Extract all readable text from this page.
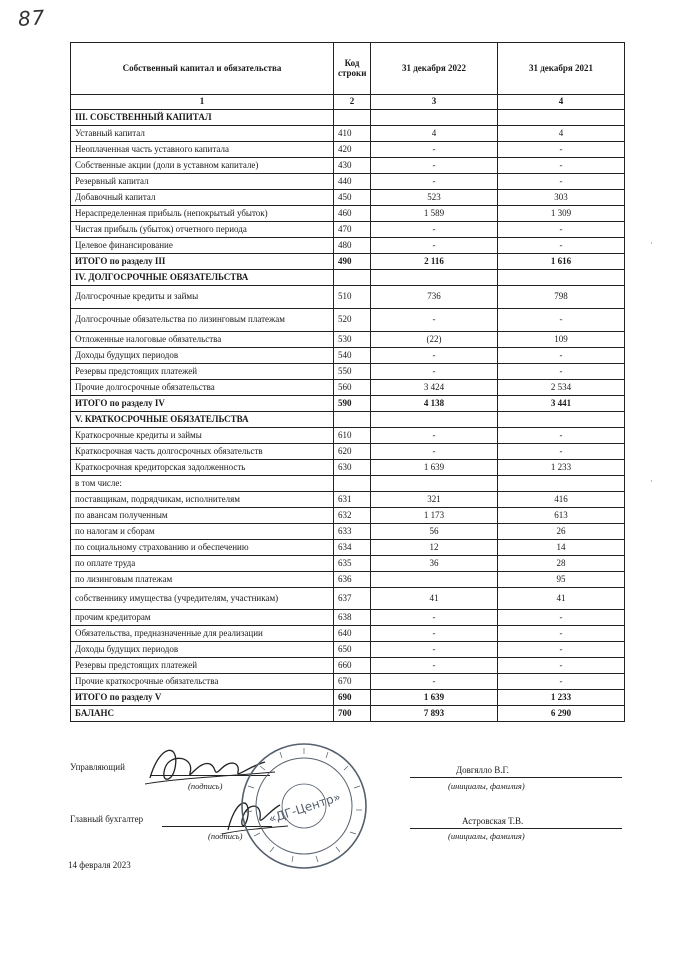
87
Собственный капитал и обязательства	Код строки	31 декабря 2022	31 декабря 2021
1	2	3	4
III. СОБСТВЕННЫЙ КАПИТАЛ			
Уставный капитал	410	4	4
Неоплаченная часть уставного капитала	420	-	-
Собственные акции (доли в уставном капитале)	430	-	-
Резервный капитал	440	-	-
Добавочный капитал	450	523	303
Нераспределенная прибыль (непокрытый убыток)	460	1 589	1 309
Чистая прибыль (убыток) отчетного периода	470	-	-
Целевое финансирование	480	-	-
ИТОГО по разделу III	490	2 116	1 616
IV. ДОЛГОСРОЧНЫЕ ОБЯЗАТЕЛЬСТВА			
Долгосрочные кредиты и займы	510	736	798
Долгосрочные обязательства по лизинговым платежам	520	-	-
Отложенные налоговые обязательства	530	(22)	109
Доходы будущих периодов	540	-	-
Резервы предстоящих платежей	550	-	-
Прочие долгосрочные обязательства	560	3 424	2 534
ИТОГО по разделу IV	590	4 138	3 441
V. КРАТКОСРОЧНЫЕ ОБЯЗАТЕЛЬСТВА			
Краткосрочные кредиты и займы	610	-	-
Краткосрочная часть долгосрочных обязательств	620	-	-
Краткосрочная кредиторская задолженность	630	1 639	1 233
в том числе:			
поставщикам, подрядчикам, исполнителям	631	321	416
по авансам полученным	632	1 173	613
по налогам и сборам	633	56	26
по социальному страхованию и обеспечению	634	12	14
по оплате труда	635	36	28
по лизинговым платежам	636		95
собственнику имущества (учредителям, участникам)	637	41	41
прочим кредиторам	638	-	-
Обязательства, предназначенные для реализации	640	-	-
Доходы будущих периодов	650	-	-
Резервы предстоящих платежей	660	-	-
Прочие краткосрочные обязательства	670	-	-
ИТОГО по разделу V	690	1 639	1 233
БАЛАНС	700	7 893	6 290
Управляющий
(подпись)
Довгялло В.Г.
(инициалы, фамилия)
Главный бухгалтер
(подпись)
Астровская Т.В.
(инициалы, фамилия)
«ДГ-Центр»
14 февраля 2023
·
·
